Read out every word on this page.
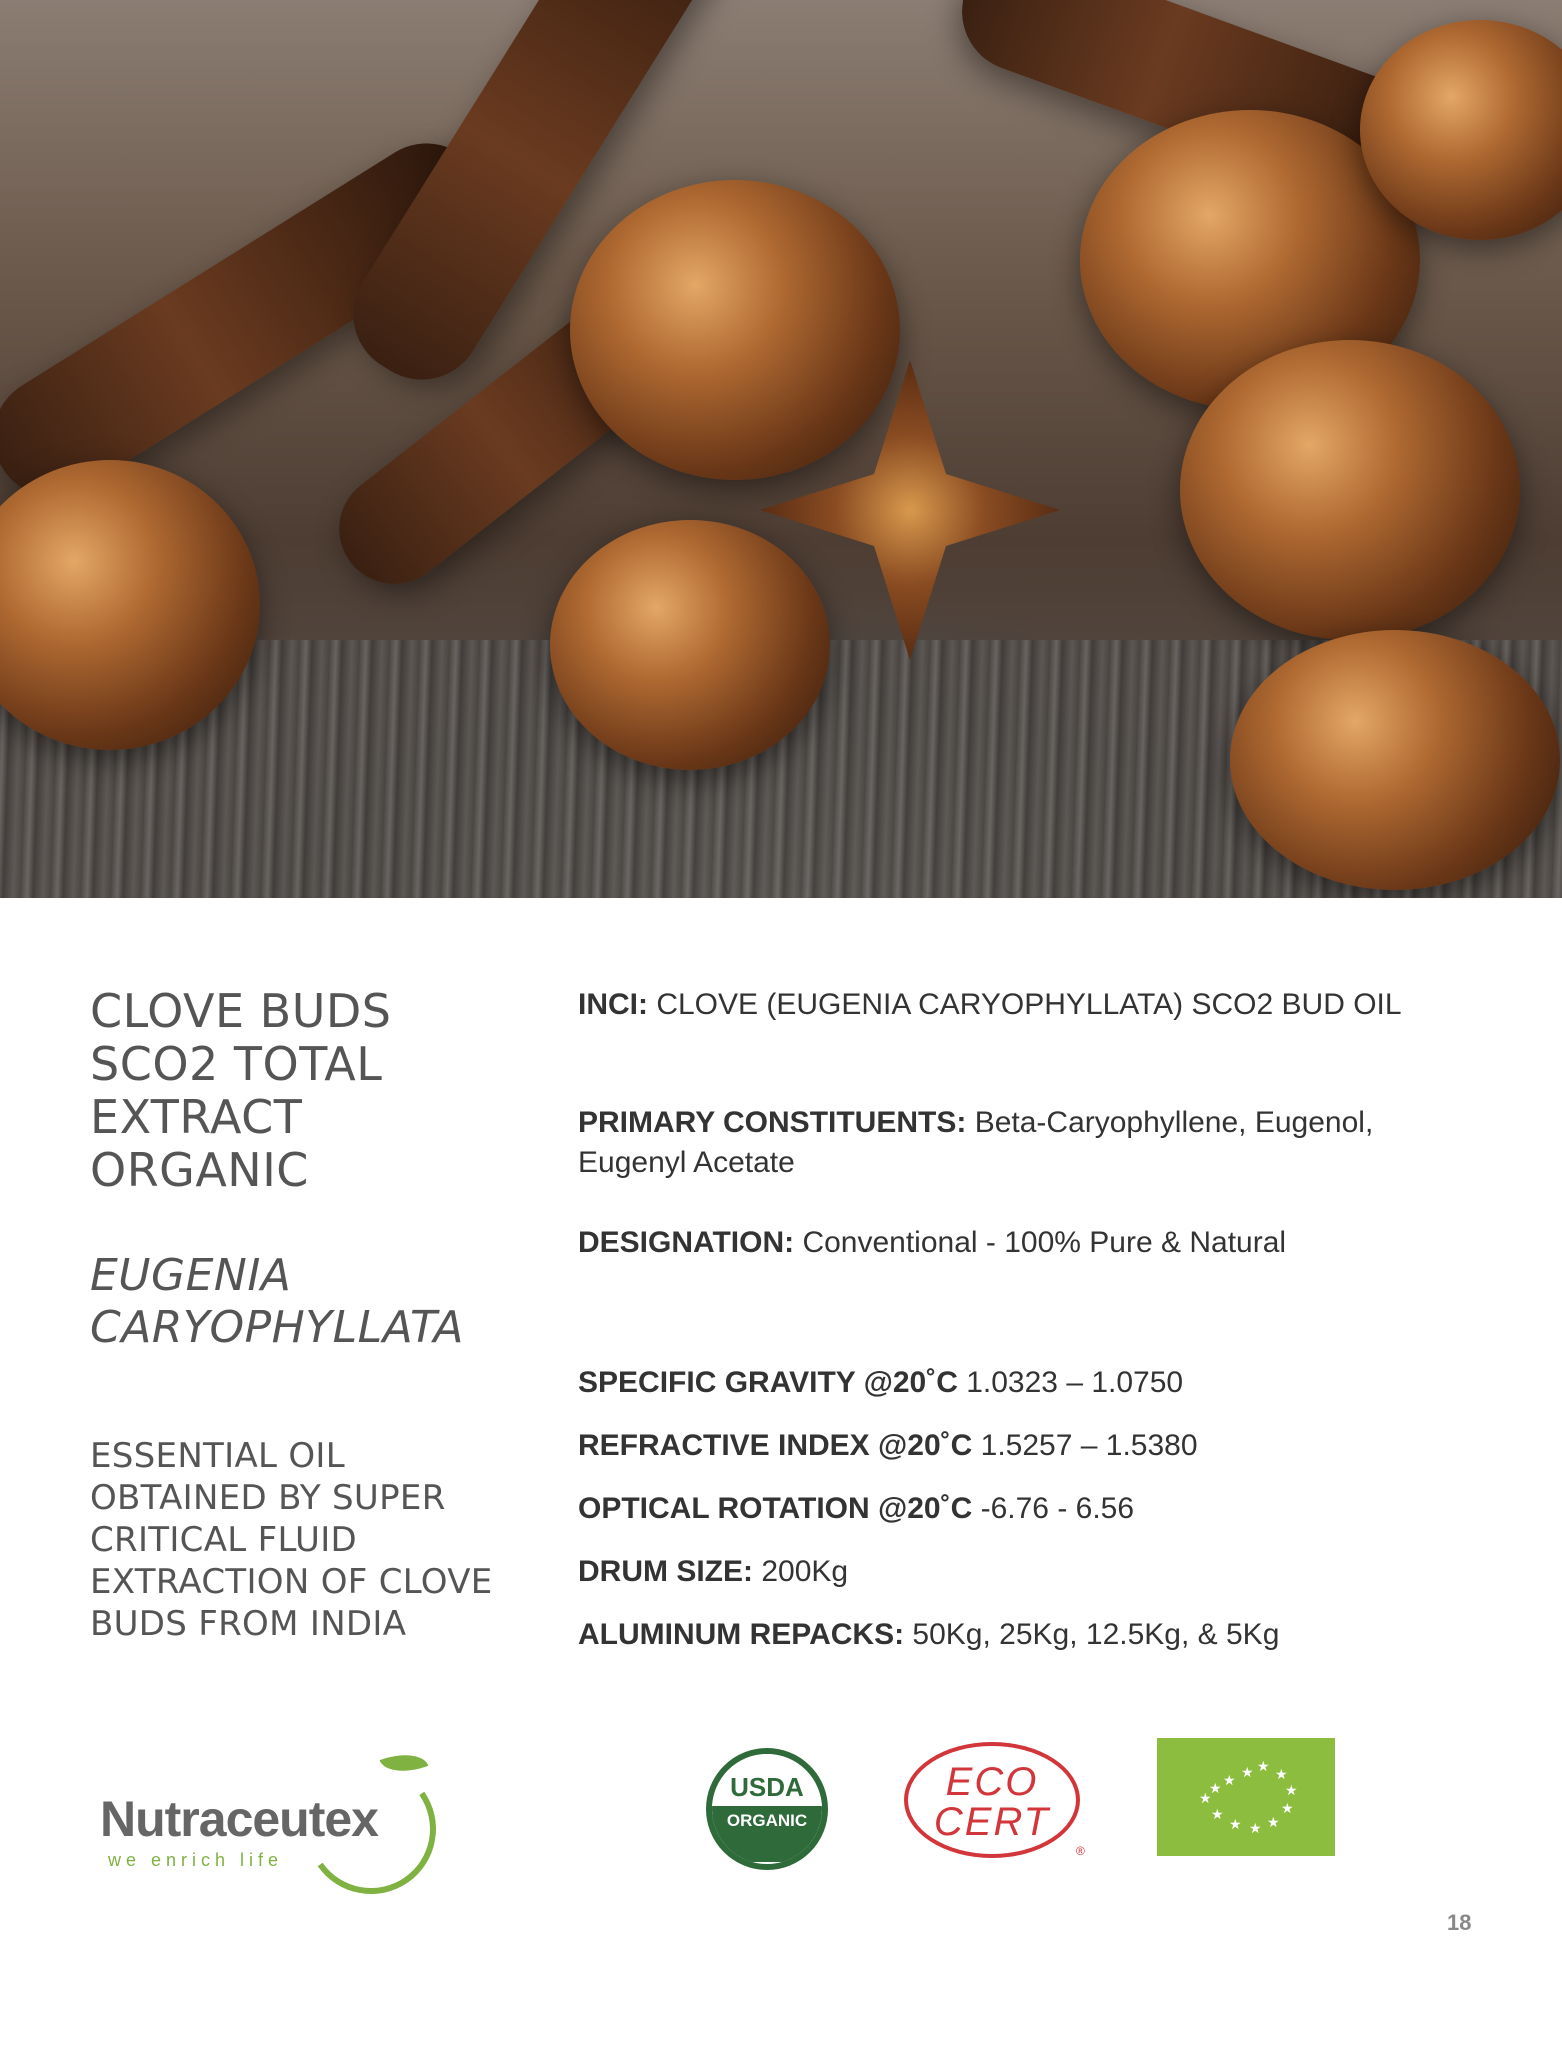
CLOVE BUDS
SCO2 TOTAL
EXTRACT
ORGANIC
EUGENIA
CARYOPHYLLATA
ESSENTIAL OIL
OBTAINED BY SUPER
CRITICAL FLUID
EXTRACTION OF CLOVE
BUDS FROM INDIA
INCI: CLOVE (EUGENIA CARYOPHYLLATA) SCO2 BUD OIL
PRIMARY CONSTITUENTS: Beta-Caryophyllene, Eugenol, Eugenyl Acetate
DESIGNATION: Conventional - 100% Pure & Natural
SPECIFIC GRAVITY @20˚C 1.0323 – 1.0750
REFRACTIVE INDEX @20˚C 1.5257 – 1.5380
OPTICAL ROTATION @20˚C -6.76 - 6.56
DRUM SIZE: 200Kg
ALUMINUM REPACKS: 50Kg, 25Kg, 12.5Kg, & 5Kg
Nutraceutex
we enrich life
USDA
ORGANIC
ECO
CERT
®
★ ★
★
★
★
★
★
★
★
★
★
★
18
